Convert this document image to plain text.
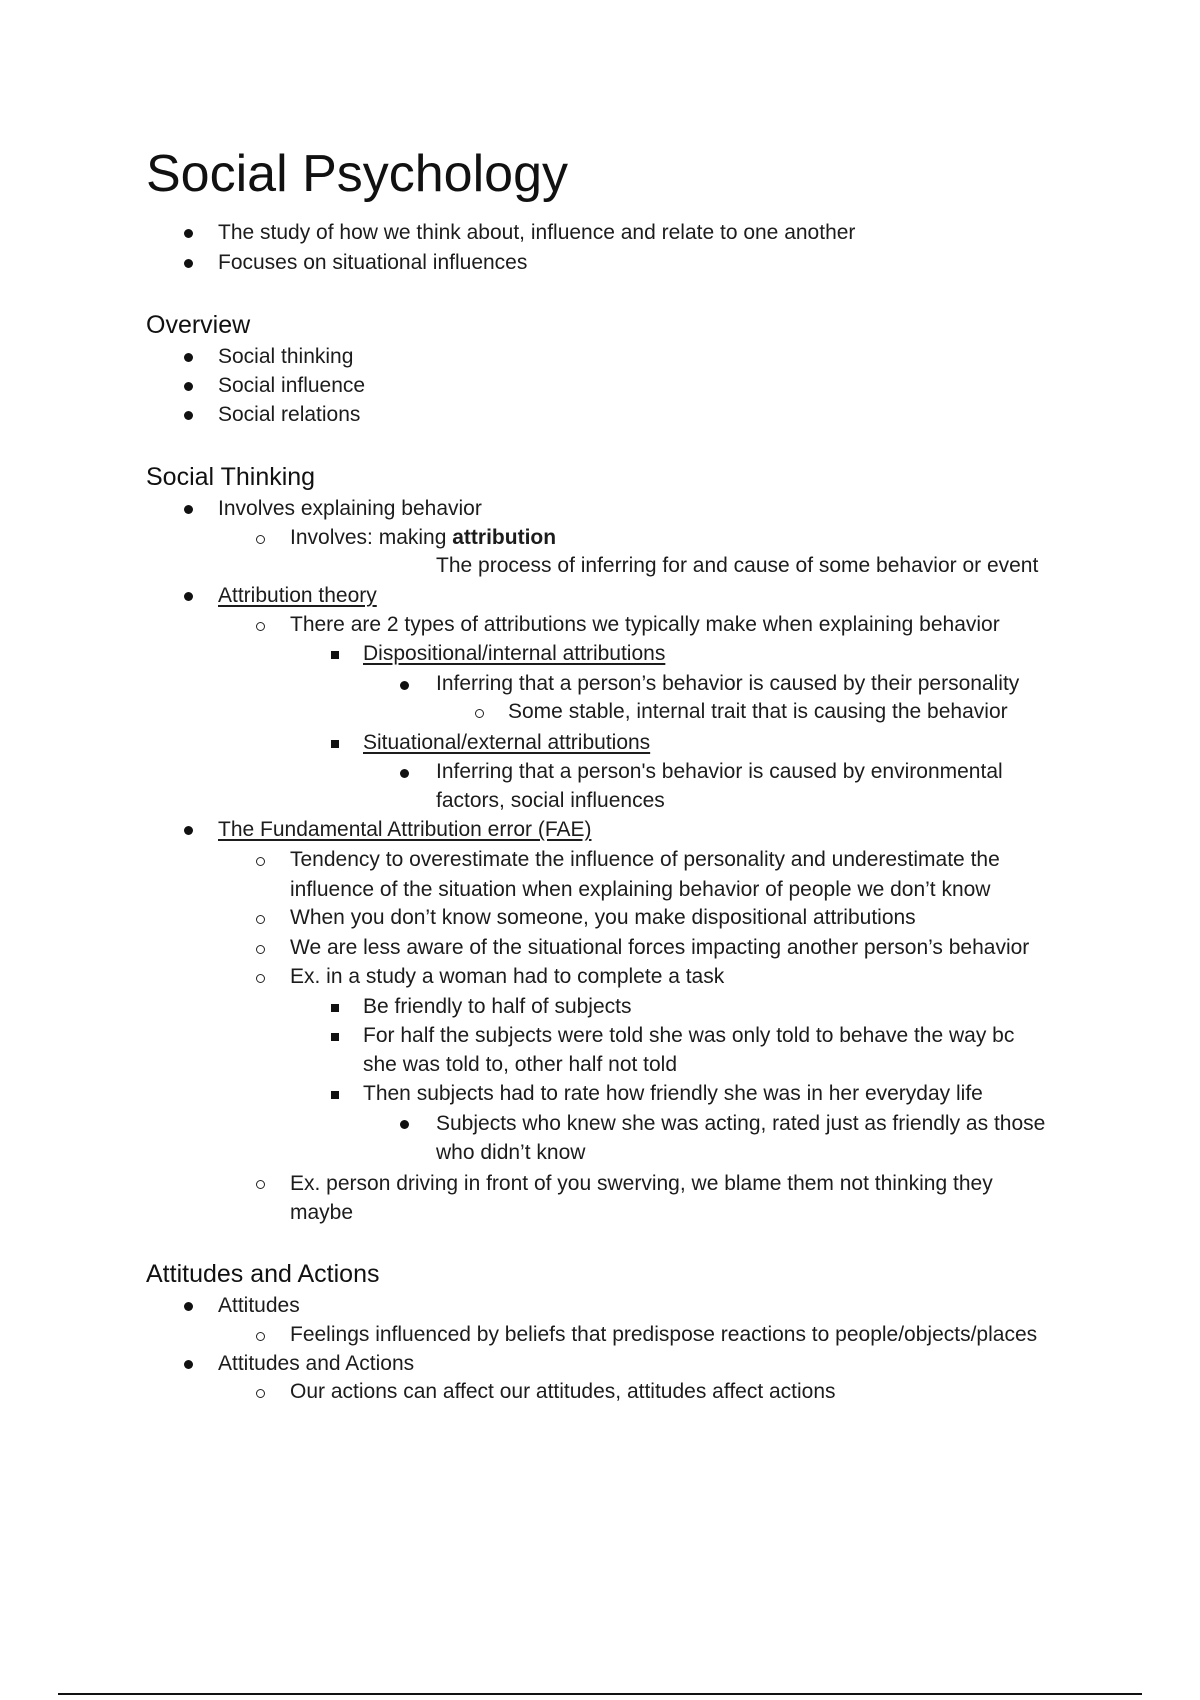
Social Psychology
The study of how we think about, influence and relate to one another
Focuses on situational influences
Overview
Social thinking
Social influence
Social relations
Social Thinking
Involves explaining behavior
Involves: making attribution
The process of inferring for and cause of some behavior or event
Attribution theory
There are 2 types of attributions we typically make when explaining behavior
Dispositional/internal attributions
Inferring that a person’s behavior is caused by their personality
Some stable, internal trait that is causing the behavior
Situational/external attributions
Inferring that a person's behavior is caused by environmental
factors, social influences
The Fundamental Attribution error (FAE)
Tendency to overestimate the influence of personality and underestimate the
influence of the situation when explaining behavior of people we don’t know
When you don’t know someone, you make dispositional attributions
We are less aware of the situational forces impacting another person’s behavior
Ex. in a study a woman had to complete a task
Be friendly to half of subjects
For half the subjects were told she was only told to behave the way bc
she was told to, other half not told
Then subjects had to rate how friendly she was in her everyday life
Subjects who knew she was acting, rated just as friendly as those
who didn’t know
Ex. person driving in front of you swerving, we blame them not thinking they
maybe
Attitudes and Actions
Attitudes
Feelings influenced by beliefs that predispose reactions to people/objects/places
Attitudes and Actions
Our actions can affect our attitudes, attitudes affect actions
